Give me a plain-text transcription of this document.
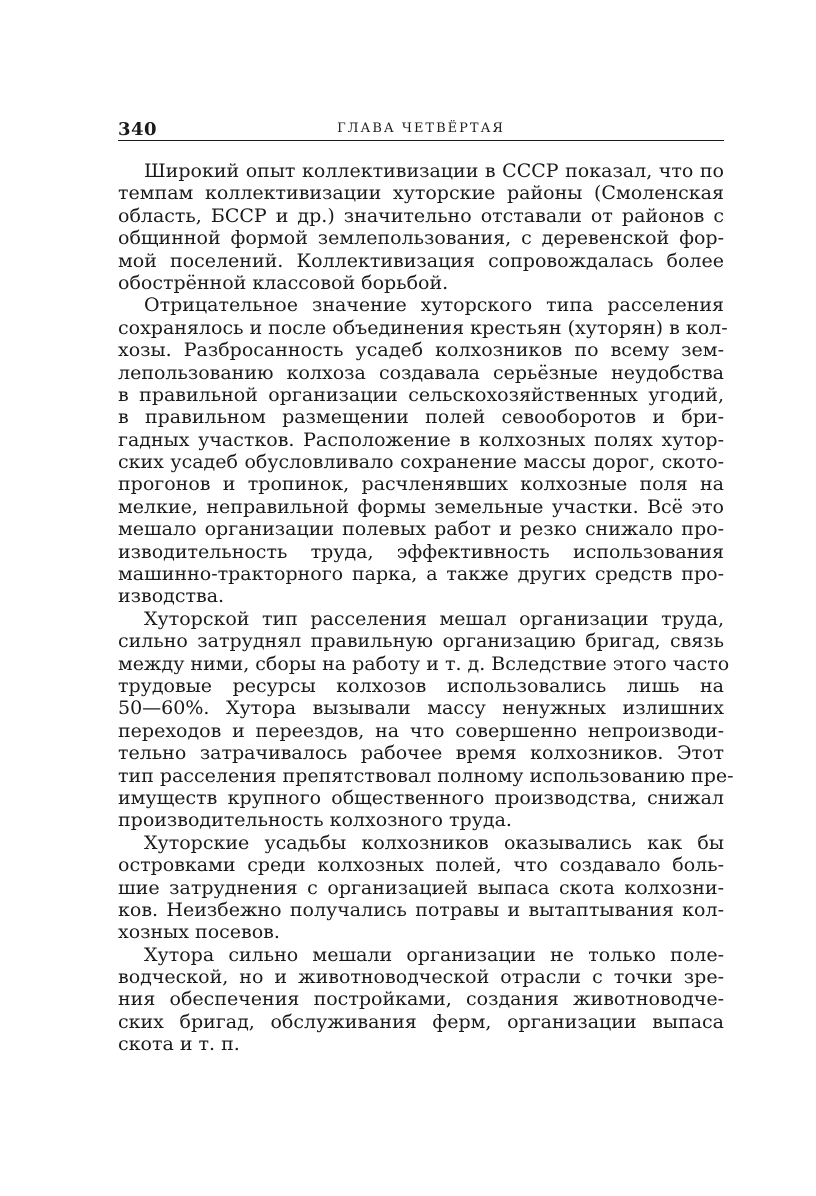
340	ГЛАВА ЧЕТВЁРТАЯ
Широкий опыт коллективизации в СССР показал, что по
темпам коллективизации хуторские районы (Смоленская
область, БССР и др.) значительно отставали от районов с
общинной формой землепользования, с деревенской фор-
мой поселений. Коллективизация сопровождалась более
обострённой классовой борьбой.
Отрицательное значение хуторского типа расселения
сохранялось и после объединения крестьян (хуторян) в кол-
хозы. Разбросанность усадеб колхозников по всему зем-
лепользованию колхоза создавала серьёзные неудобства
в правильной организации сельскохозяйственных угодий,
в правильном размещении полей севооборотов и бри-
гадных участков. Расположение в колхозных полях хутор-
ских усадеб обусловливало сохранение массы дорог, ското-
прогонов и тропинок, расчленявших колхозные поля на
мелкие, неправильной формы земельные участки. Всё это
мешало организации полевых работ и резко снижало про-
изводительность труда, эффективность использования
машинно-тракторного парка, а также других средств про-
изводства.
Хуторской тип расселения мешал организации труда,
сильно затруднял правильную организацию бригад, связь
между ними, сборы на работу и т. д. Вследствие этого часто
трудовые ресурсы колхозов использовались лишь на
50—60%. Хутора вызывали массу ненужных излишних
переходов и переездов, на что совершенно непроизводи-
тельно затрачивалось рабочее время колхозников. Этот
тип расселения препятствовал полному использованию пре-
имуществ крупного общественного производства, снижал
производительность колхозного труда.
Хуторские усадьбы колхозников оказывались как бы
островками среди колхозных полей, что создавало боль-
шие затруднения с организацией выпаса скота колхозни-
ков. Неизбежно получались потравы и вытаптывания кол-
хозных посевов.
Хутора сильно мешали организации не только поле-
водческой, но и животноводческой отрасли с точки зре-
ния обеспечения постройками, создания животноводче-
ских бригад, обслуживания ферм, организации выпаса
скота и т. п.
